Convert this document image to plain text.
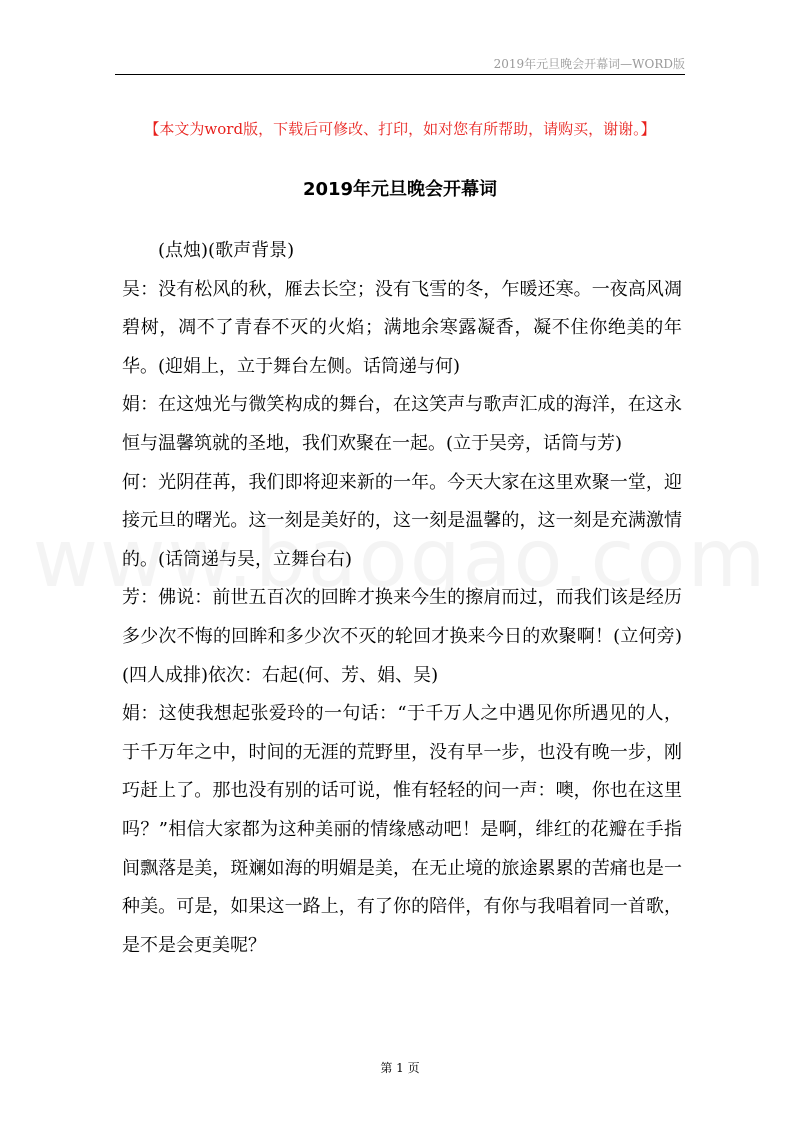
2019年元旦晚会开幕词—WORD版
【本文为word版，下载后可修改、打印，如对您有所帮助，请购买，谢谢。】
2019年元旦晚会开幕词

(点烛)(歌声背景)

吴：没有松风的秋，雁去长空；没有飞雪的冬，乍暖还寒。一夜高风凋碧树，凋不了青春不灭的火焰；满地余寒露凝香，凝不住你绝美的年华。(迎娟上，立于舞台左侧。话筒递与何)

娟：在这烛光与微笑构成的舞台，在这笑声与歌声汇成的海洋，在这永恒与温馨筑就的圣地，我们欢聚在一起。(立于吴旁，话筒与芳)

何：光阴荏苒，我们即将迎来新的一年。今天大家在这里欢聚一堂，迎接元旦的曙光。这一刻是美好的，这一刻是温馨的，这一刻是充满激情的。(话筒递与吴，立舞台右)

芳：佛说：前世五百次的回眸才换来今生的擦肩而过，而我们该是经历多少次不悔的回眸和多少次不灭的轮回才换来今日的欢聚啊！(立何旁)(四人成排)依次：右起(何、芳、娟、吴)

娟：这使我想起张爱玲的一句话：“于千万人之中遇见你所遇见的人，于千万年之中，时间的无涯的荒野里，没有早一步，也没有晚一步，刚巧赶上了。那也没有别的话可说，惟有轻轻的问一声：噢，你也在这里吗？”相信大家都为这种美丽的情缘感动吧！是啊，绯红的花瓣在手指间飘落是美，斑斓如海的明媚是美，在无止境的旅途累累的苦痛也是一种美。可是，如果这一路上，有了你的陪伴，有你与我唱着同一首歌，是不是会更美呢？

第 1 页
